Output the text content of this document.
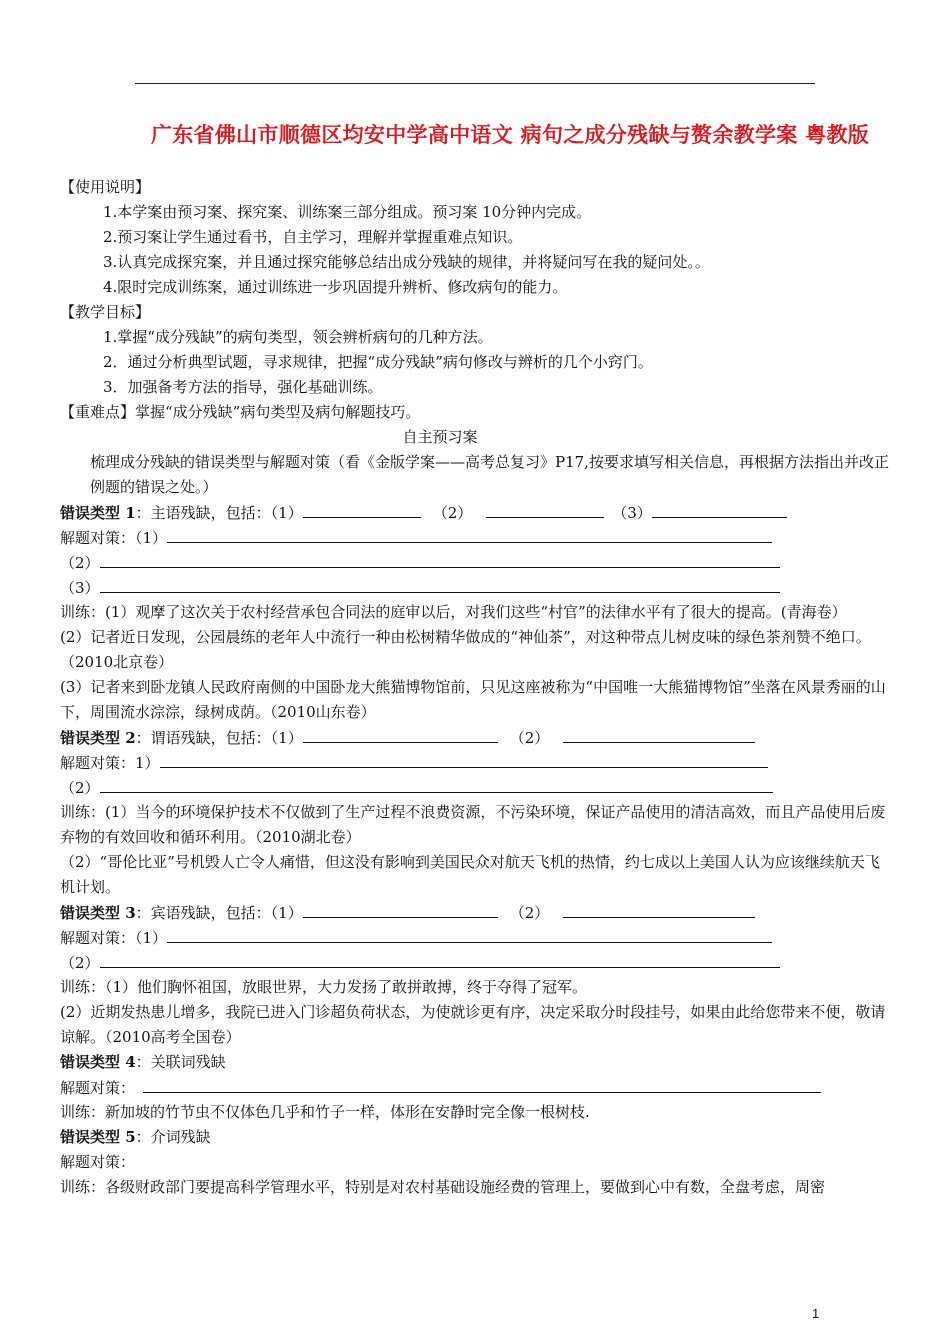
广东省佛山市顺德区均安中学高中语文 病句之成分残缺与赘余教学案 粤教版
【使用说明】
1.本学案由预习案、探究案、训练案三部分组成。预习案 10分钟内完成。
2.预习案让学生通过看书，自主学习，理解并掌握重难点知识。
3.认真完成探究案，并且通过探究能够总结出成分残缺的规律，并将疑问写在我的疑问处。。
4.限时完成训练案，通过训练进一步巩固提升辨析、修改病句的能力。
【教学目标】
1.掌握“成分残缺”的病句类型，领会辨析病句的几种方法。
2．通过分析典型试题，寻求规律，把握“成分残缺”病句修改与辨析的几个小窍门。
3．加强备考方法的指导，强化基础训练。
【重难点】掌握“成分残缺”病句类型及病句解题技巧。
自主预习案
梳理成分残缺的错误类型与解题对策（看《金版学案——高考总复习》P17,按要求填写相关信息，再根据方法指出并改正例题的错误之处。）
错误类型 1：主语残缺，包括：（1）	（2）	（3）
解题对策：（1）
（2）
（3）
训练：(1）观摩了这次关于农村经营承包合同法的庭审以后，对我们这些“村官”的法律水平有了很大的提高。(青海卷）
(2）记者近日发现，公园晨练的老年人中流行一种由松树精华做成的“神仙茶”，对这种带点儿树皮味的绿色茶剂赞不绝口。（2010北京卷）
(3）记者来到卧龙镇人民政府南侧的中国卧龙大熊猫博物馆前，只见这座被称为“中国唯一大熊猫博物馆”坐落在风景秀丽的山下，周围流水淙淙，绿树成荫。（2010山东卷）
错误类型 2：谓语残缺，包括：（1）	（2）
解题对策：1）
（2）
训练：(1）当今的环境保护技术不仅做到了生产过程不浪费资源，不污染环境，保证产品使用的清洁高效，而且产品使用后废弃物的有效回收和循环利用。（2010湖北卷）
（2）“哥伦比亚”号机毁人亡令人痛惜，但这没有影响到美国民众对航天飞机的热情，约七成以上美国人认为应该继续航天飞机计划。
错误类型 3：宾语残缺，包括：（1）	（2）
解题对策：（1）
（2）
训练：（1）他们胸怀祖国，放眼世界，大力发扬了敢拼敢搏，终于夺得了冠军。
(2）近期发热患儿增多，我院已进入门诊超负荷状态，为使就诊更有序，决定采取分时段挂号，如果由此给您带来不便，敬请谅解。（2010高考全国卷）
错误类型 4：关联词残缺
解题对策：
训练：新加坡的竹节虫不仅体色几乎和竹子一样，体形在安静时完全像一根树枝.
错误类型 5：介词残缺
解题对策：
训练：各级财政部门要提高科学管理水平，特别是对农村基础设施经费的管理上，要做到心中有数，全盘考虑，周密
1
